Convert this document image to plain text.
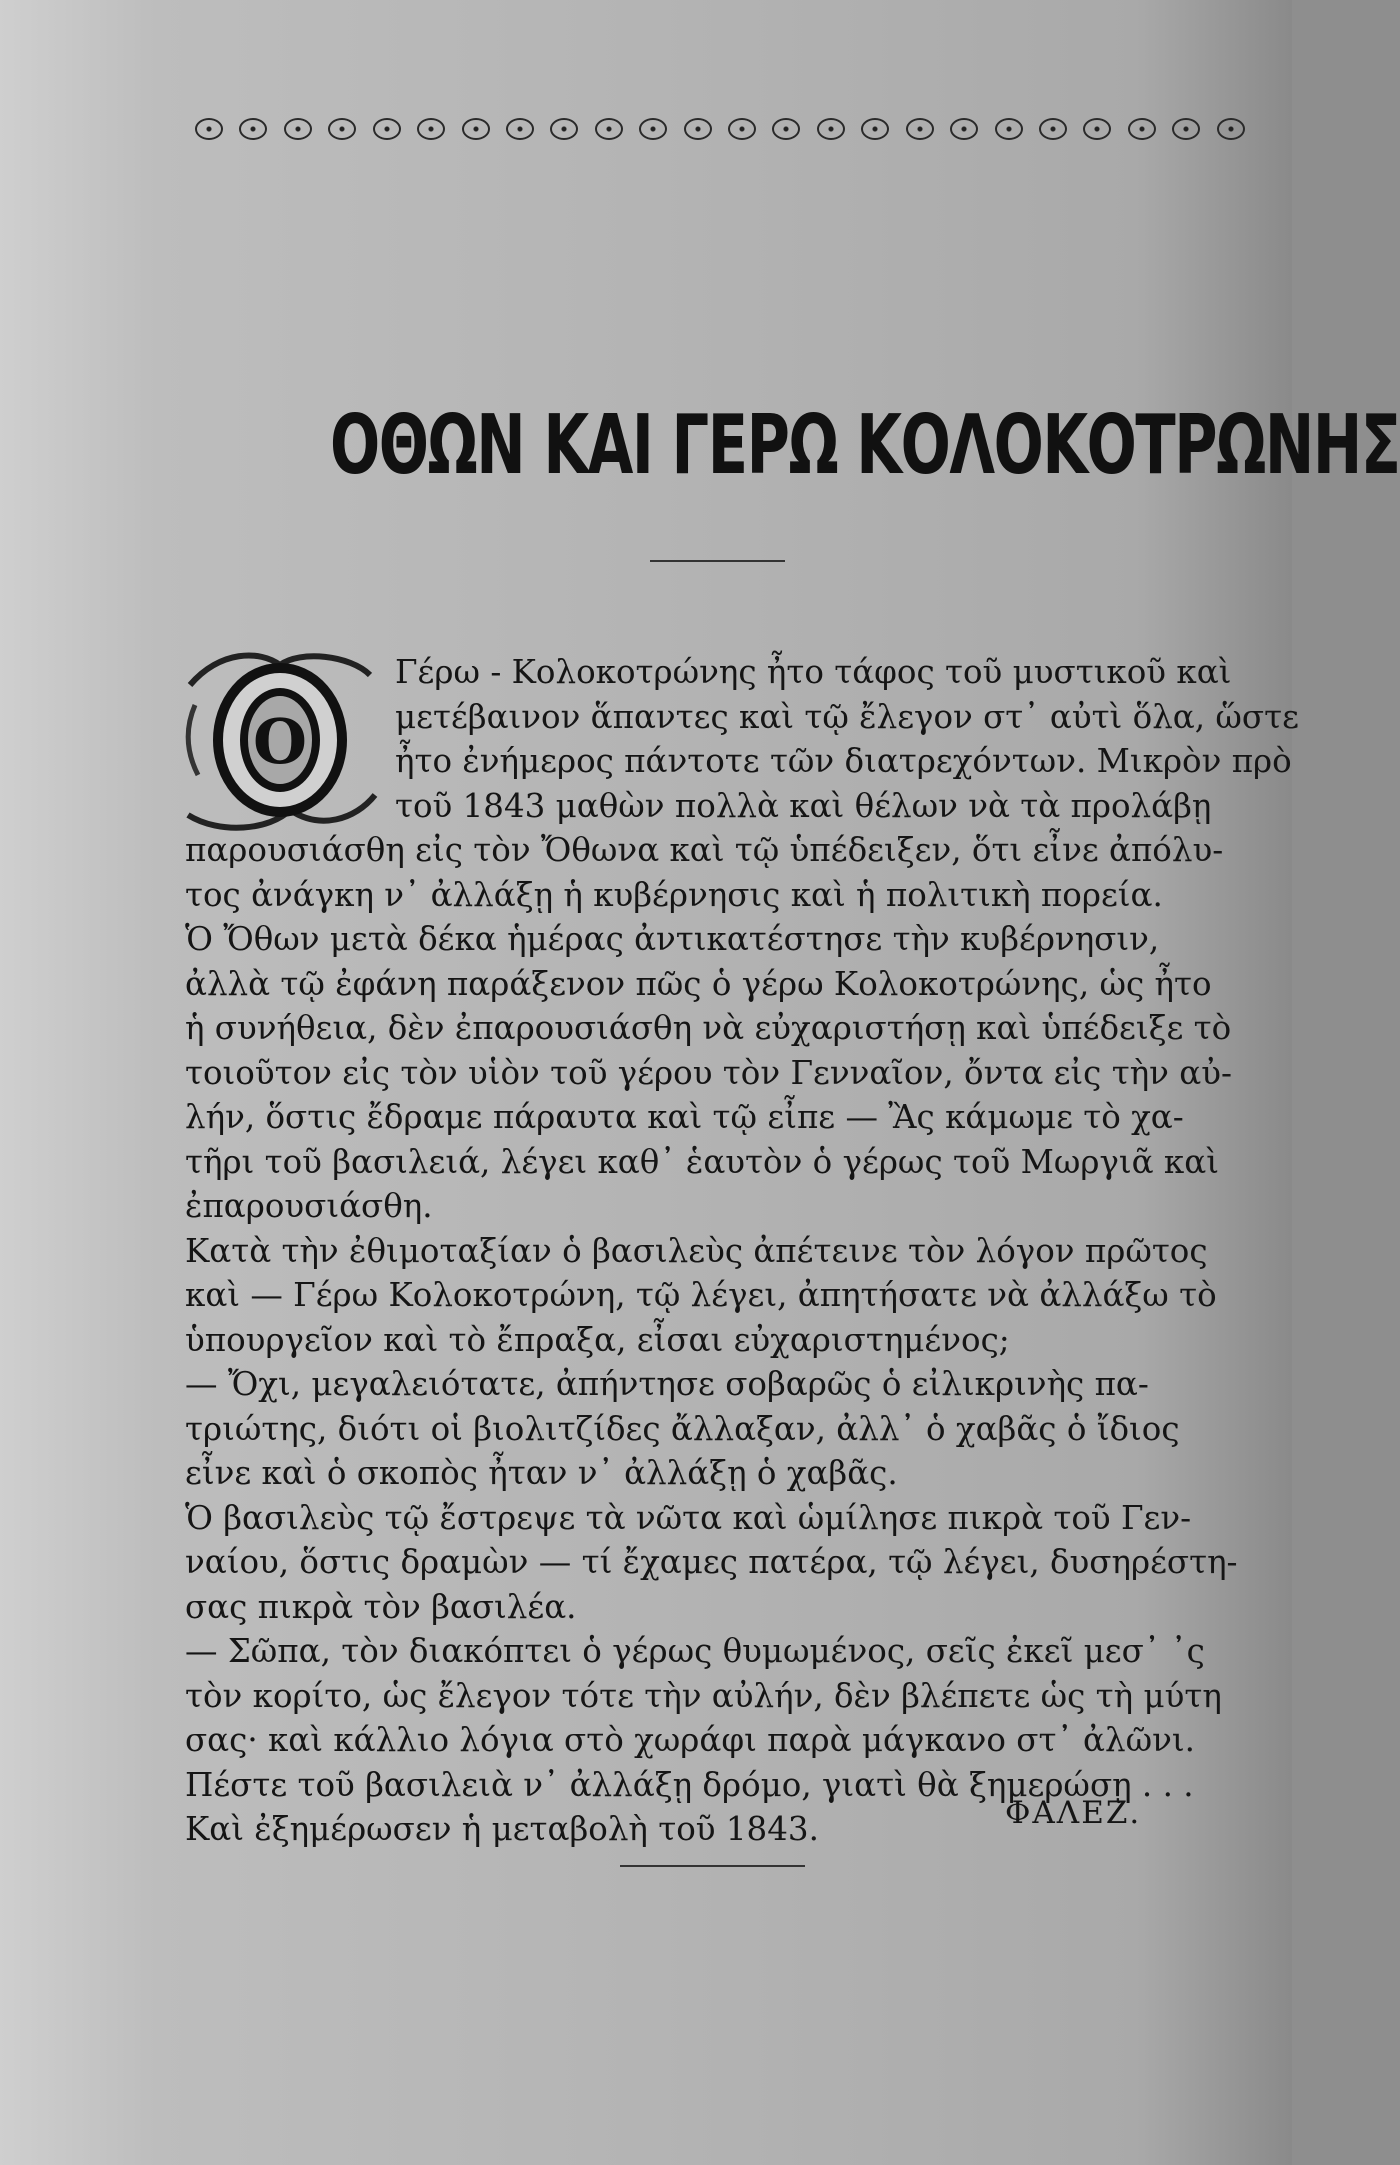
ΟΘΩΝ ΚΑΙ ΓΕΡΩ ΚΟΛΟΚΟΤΡΩΝΗΣ
Ο
Γέρω - Κολοκοτρώνης ἦτο τάφος τοῦ μυστικοῦ καὶ
μετέβαινον ἅπαντες καὶ τῷ ἔλεγον στ᾽ αὐτὶ ὅλα, ὥστε
ἦτο ἐνήμερος πάντοτε τῶν διατρεχόντων. Μικρὸν πρὸ
τοῦ 1843 μαθὼν πολλὰ καὶ θέλων νὰ τὰ προλάβῃ
παρουσιάσθη εἰς τὸν Ὄθωνα καὶ τῷ ὑπέδειξεν, ὅτι εἶνε ἀπόλυ-
τος ἀνάγκη ν᾽ ἀλλάξῃ ἡ κυβέρνησις καὶ ἡ πολιτικὴ πορεία.
Ὁ Ὄθων μετὰ δέκα ἡμέρας ἀντικατέστησε τὴν κυβέρνησιν,
ἀλλὰ τῷ ἐφάνη παράξενον πῶς ὁ γέρω Κολοκοτρώνης, ὡς ἦτο
ἡ συνήθεια, δὲν ἐπαρουσιάσθη νὰ εὐχαριστήσῃ καὶ ὑπέδειξε τὸ
τοιοῦτον εἰς τὸν υἱὸν τοῦ γέρου τὸν Γενναῖον, ὄντα εἰς τὴν αὐ-
λήν, ὅστις ἔδραμε πάραυτα καὶ τῷ εἶπε — Ἂς κάμωμε τὸ χα-
τῆρι τοῦ βασιλειά, λέγει καθ᾽ ἑαυτὸν ὁ γέρως τοῦ Μωργιᾶ καὶ
ἐπαρουσιάσθη.
Κατὰ τὴν ἐθιμοταξίαν ὁ βασιλεὺς ἀπέτεινε τὸν λόγον πρῶτος
καὶ — Γέρω Κολοκοτρώνη, τῷ λέγει, ἀπητήσατε νὰ ἀλλάξω τὸ
ὑπουργεῖον καὶ τὸ ἔπραξα, εἶσαι εὐχαριστημένος;
— Ὄχι, μεγαλειότατε, ἀπήντησε σοβαρῶς ὁ εἰλικρινὴς πα-
τριώτης, διότι οἱ βιολιτζίδες ἄλλαξαν, ἀλλ᾽ ὁ χαβᾶς ὁ ἴδιος
εἶνε καὶ ὁ σκοπὸς ἦταν ν᾽ ἀλλάξῃ ὁ χαβᾶς.
Ὁ βασιλεὺς τῷ ἔστρεψε τὰ νῶτα καὶ ὡμίλησε πικρὰ τοῦ Γεν-
ναίου, ὅστις δραμὼν — τί ἔχαμες πατέρα, τῷ λέγει, δυσηρέστη-
σας πικρὰ τὸν βασιλέα.
— Σῶπα, τὸν διακόπτει ὁ γέρως θυμωμένος, σεῖς ἐκεῖ μεσ᾽ ᾽ς
τὸν κορίτο, ὡς ἔλεγον τότε τὴν αὐλήν, δὲν βλέπετε ὡς τὴ μύτη
σας· καὶ κάλλιο λόγια στὸ χωράφι παρὰ μάγκανο στ᾽ ἀλῶνι.
Πέστε τοῦ βασιλειὰ ν᾽ ἀλλάξῃ δρόμο, γιατὶ θὰ ξημερώσῃ . . .
Καὶ ἐξημέρωσεν ἡ μεταβολὴ τοῦ 1843.	ΦΑΛΕΖ.
